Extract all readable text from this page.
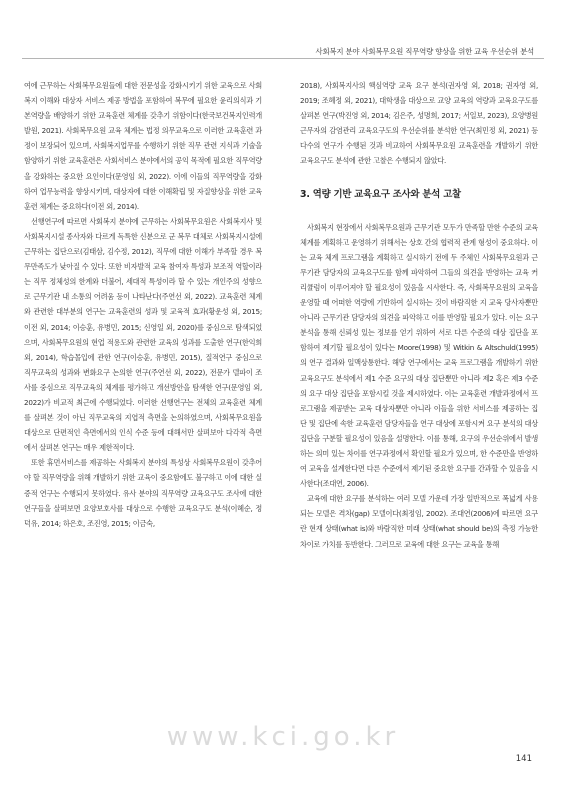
사회복지 분야 사회복무요원 직무역량 향상을 위한 교육 우선순위 분석

여에 근무하는 사회복무요원들에 대한 전문성을 강화시키기 위한 교육으로 사회복지 이해와 대상자 서비스 제공 방법을 포함하여 복무에 필요한 윤리의식과 기본역량을 배양하기 위한 교육훈련 체계를 갖추기 위함이다(한국보건복지인력개발원, 2021). 사회복무요원 교육 체계는 법정 의무교육으로 이러한 교육훈련 과정이 보장되어 있으며, 사회복지업무를 수행하기 위한 직무 관련 지식과 기술을 함양하기 위한 교육훈련은 사회서비스 분야에서의 공익 목적에 필요한 직무역량을 강화하는 중요한 요인이다(문영임 외, 2022). 이에 이들의 직무역량을 강화하여 업무능력을 향상시키며, 대상자에 대한 이해확립 및 자질향상을 위한 교육훈련 체계는 중요하다(이전 외, 2014).

선행연구에 따르면 사회복지 분야에 근무하는 사회복무요원은 사회복지사 및 사회복지시설 종사자와 다르게 독특한 신분으로 군 복무 대체로 사회복지시설에 근무하는 집단으로(김태삼, 김수정, 2012), 직무에 대한 이해가 부족할 경우 복무만족도가 낮아질 수 있다. 또한 비자발적 교육 참여자 특성과 보조적 역할이라는 직무 정체성의 한계와 더불어, 세대적 특성이라 할 수 있는 개인주의 성향으로 근무기관 내 소통의 어려움 등이 나타난다(주연선 외, 2022). 교육훈련 체계와 관련한 대부분의 연구는 교육훈련의 성과 및 교육적 효과(황운성 외, 2015; 이전 외, 2014; 이승훈, 유병민, 2015; 신영일 외, 2020)를 중심으로 탐색되었으며, 사회복무요원의 현업 적용도와 관련한 교육의 성과를 도출한 연구(한익희 외, 2014), 학습몰입에 관한 연구(이승훈, 유병민, 2015), 질적연구 중심으로 직무교육의 성과와 변화요구 논의한 연구(주연선 외, 2022), 전문가 델파이 조사를 중심으로 직무교육의 체계를 평가하고 개선방안을 탐색한 연구(문영임 외, 2022)가 비교적 최근에 수행되었다. 이러한 선행연구는 전체의 교육훈련 체계를 살펴본 것이 아닌 직무교육의 지엽적 측면을 논의하였으며, 사회복무요원을 대상으로 단편적인 측면에서의 인식 수준 등에 대해서만 살펴보아 다각적 측면에서 살펴본 연구는 매우 제한적이다.

또한 휴먼서비스를 제공하는 사회복지 분야의 특성상 사회복무요원이 갖추어야 할 직무역량을 위해 개발하기 위한 교육이 중요함에도 불구하고 이에 대한 실증적 연구는 수행되지 못하였다. 유사 분야의 직무역량 교육요구도 조사에 대한 연구들을 살펴보면 요양보호사를 대상으로 수행한 교육요구도 분석(이혜순, 정덕유, 2014; 하은호, 조진영, 2015; 이금숙,

2018), 사회복지사의 핵심역량 교육 요구 분석(권자영 외, 2018; 권자영 외, 2019; 조혜정 외, 2021), 대학생을 대상으로 교양 교육의 역량과 교육요구도를 살펴본 연구(박진영 외, 2014; 김은주, 성명희, 2017; 서일보, 2023), 요양병원 근무자의 감염관리 교육요구도의 우선순위를 분석한 연구(최민정 외, 2021) 등 다수의 연구가 수행된 것과 비교하여 사회복무요원 교육훈련을 개발하기 위한 교육요구도 분석에 관한 고찰은 수행되지 않았다.

3. 역량 기반 교육요구 조사와 분석 고찰

사회복지 현장에서 사회복무요원과 근무기관 모두가 만족할 만한 수준의 교육 체계를 계획하고 운영하기 위해서는 상호 간의 협력적 관계 형성이 중요하다. 이는 교육 체계 프로그램을 계획하고 실시하기 전에 두 주체인 사회복무요원과 근무기관 담당자의 교육요구도를 함께 파악하여 그들의 의견을 반영하는 교육 커리큘럼이 이루어져야 할 필요성이 있음을 시사한다. 즉, 사회복무요원의 교육을 운영할 때 어떠한 역량에 기반하여 실시하는 것이 바람직한 지 교육 당사자뿐만 아니라 근무기관 담당자의 의견을 파악하고 이를 반영할 필요가 있다. 이는 요구 분석을 통해 신뢰성 있는 정보를 얻기 위하여 서로 다른 수준의 대상 집단을 포함하여 제기할 필요성이 있다는 Moore(1998) 및 Witkin & Altschuld(1995)의 연구 결과와 일맥상통한다. 해당 연구에서는 교육 프로그램을 개발하기 위한 교육요구도 분석에서 제1 수준 요구의 대상 집단뿐만 아니라 제2 혹은 제3 수준의 요구 대상 집단을 포함시킬 것을 제시하였다. 이는 교육훈련 개발과정에서 프로그램을 제공받는 교육 대상자뿐만 아니라 이들을 위한 서비스를 제공하는 집단 및 집단에 속한 교육훈련 담당자들을 연구 대상에 포함시켜 요구 분석의 대상 집단을 구분할 필요성이 있음을 설명한다. 이를 통해, 요구의 우선순위에서 발생하는 의미 있는 차이를 연구과정에서 확인할 필요가 있으며, 한 수준만을 반영하여 교육을 설계한다면 다른 수준에서 제기된 중요한 요구를 간과할 수 있음을 시사한다(조대연, 2006).

교육에 대한 요구를 분석하는 여러 모델 가운데 가장 일반적으로 폭넓게 사용되는 모델은 격차(gap) 모델이다(최정임, 2002). 조대연(2006)에 따르면 요구란 현재 상태(what is)와 바람직한 미래 상태(what should be)의 측정 가능한 차이로 가치를 동반한다. 그러므로 교육에 대한 요구는 교육을 통해

www.kci.go.kr
141
